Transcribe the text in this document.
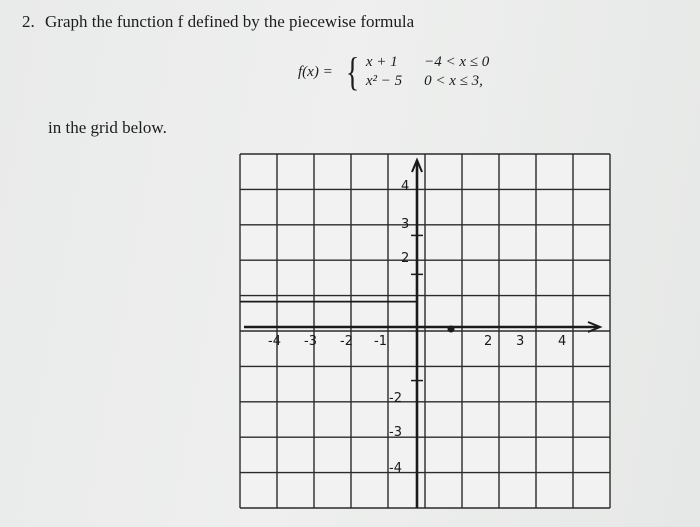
2. Graph the function f defined by the piecewise formula
f(x) = { x + 1	−4 < x ≤ 0
x² − 5 0 < x ≤ 3,
in the grid below.
-4 -3 -2 -1	2 3	4
4
3
2
-2
-3
-4
